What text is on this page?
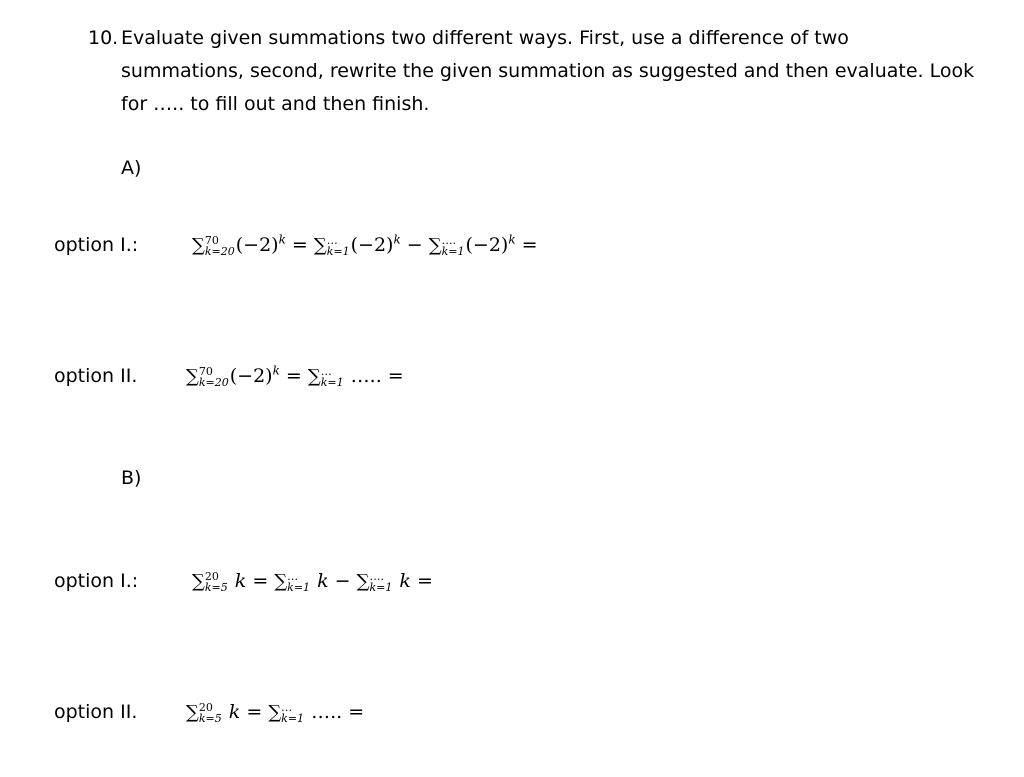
10. Evaluate given summations two different ways. First, use a difference of two
summations, second, rewrite the given summation as suggested and then evaluate. Look
for ….. to fill out and then finish.
A)
option I.:	∑ 70
k=20 $(-2)^k$ = ∑ …
k=1 $(-2)^k$ − ∑ ….
k=1 $(-2)^k$ =
option II.	∑ 70
k=20 $(-2)^k$ = ∑ …
k=1 ….. =
B)
option I.:	∑ 20
k=5 k = ∑ …
k=1 k − ∑ ….
k=1 k =
option II.	∑ 20
k=5 k = ∑ …
k=1 ….. =
